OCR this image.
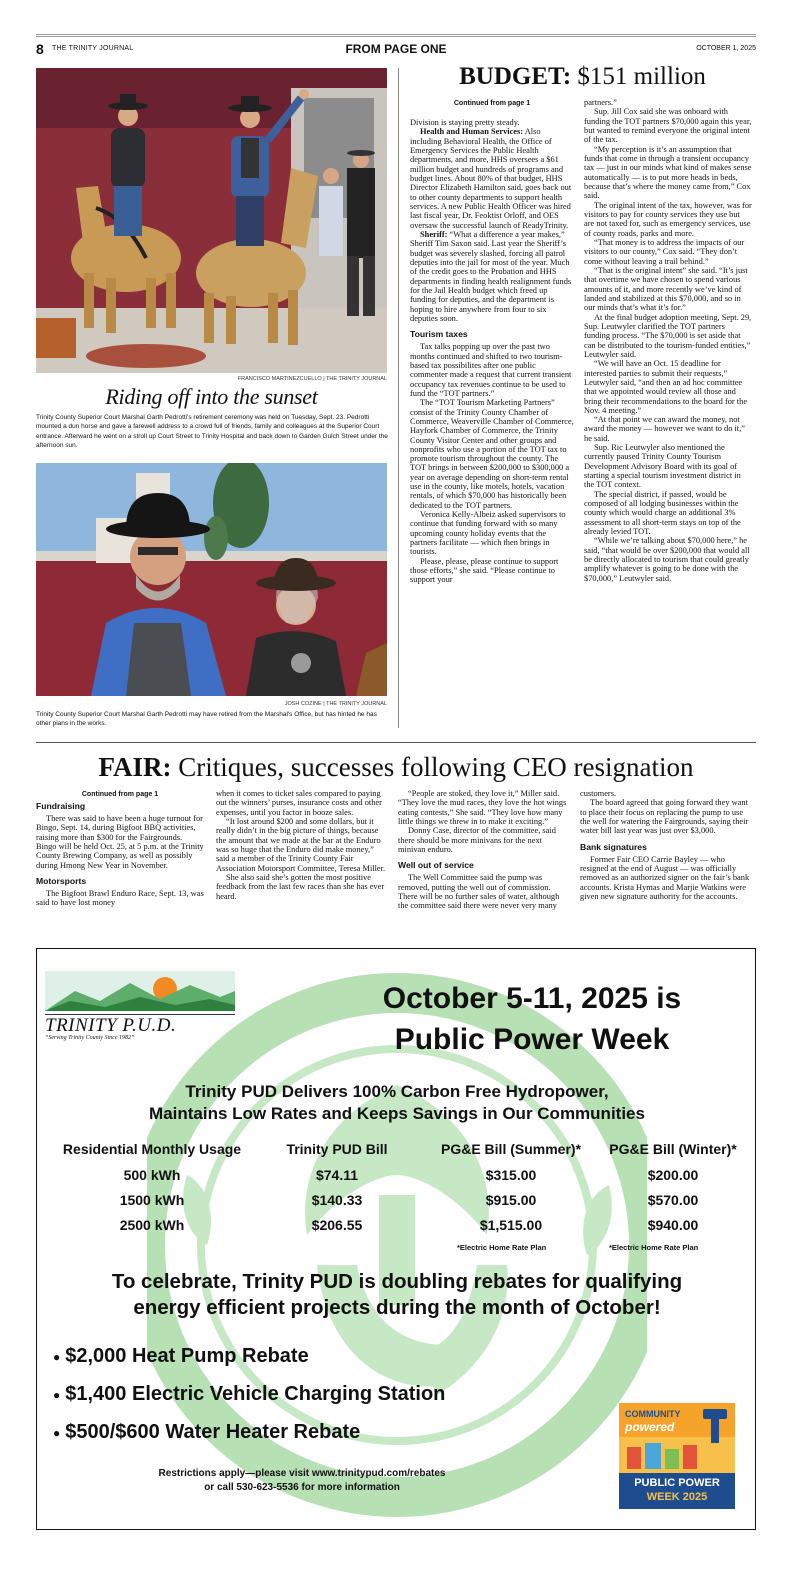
8 THE TRINITY JOURNAL	FROM PAGE ONE	OCTOBER 1, 2025
FRANCISCO MARTINEZCUELLO | THE TRINITY JOURNAL
Riding off into the sunset
Trinity County Superior Court Marshal Garth Pedrotti's retirement ceremony was held on Tuesday, Sept. 23. Pedrotti mounted a dun horse and gave a farewell address to a crowd full of friends, family and colleagues at the Superior Court entrance. Afterward he went on a stroll up Court Street to Trinity Hospital and back down to Garden Gulch Street under the afternoon sun.
JOSH COZINE | THE TRINITY JOURNAL
Trinity County Superior Court Marshal Garth Pedrotti may have retired from the Marshal's Office, but has hinted he has other plans in the works.
BUDGET: $151 million
Continued from page 1

Division is staying pretty steady.

Health and Human Services: Also including Behavioral Health, the Office of Emergency Services the Public Health departments, and more, HHS oversees a $61 million budget and hundreds of programs and budget lines. About 80% of that budget, HHS Director Elizabeth Hamilton said, goes back out to other county departments to support health services. A new Public Health Officer was hired last fiscal year, Dr. Feoktist Orloff, and OES oversaw the successful launch of ReadyTrinity.

Sheriff: “What a difference a year makes,” Sheriff Tim Saxon said. Last year the Sheriff’s budget was severely slashed, forcing all patrol deputies into the jail for most of the year. Much of the credit goes to the Probation and HHS departments in finding health realignment funds for the Jail Health budget which freed up funding for deputies, and the department is hoping to hire anywhere from four to six deputies soon.

Tourism taxes

Tax talks popping up over the past two months continued and shifted to two tourism-based tax possibilites after one public commenter made a request that current transient occupancy tax revenues continue to be used to fund the “TOT partners.”

The “TOT Tourism Marketing Partners” consist of the Trinity County Chamber of Commerce, Weaverville Chamber of Commerce, Hayfork Chamber of Commerce, the Trinity County Visitor Center and other groups and nonprofits who use a portion of the TOT tax to promote tourism throughout the county. The TOT brings in between $200,000 to $300,000 a year on average depending on short-term rental use in the county, like motels, hotels, vacation rentals, of which $70,000 has historically been dedicated to the TOT partners.

Veronica Kelly-Albeiz asked supervisors to continue that funding forward with so many upcoming county holiday events that the partners facilitate — which then brings in tourists.

Please, please, please continue to support those efforts,” she said. “Please continue to support your

partners.”

Sup. Jill Cox said she was onboard with funding the TOT partners $70,000 again this year, but wanted to remind everyone the original intent of the tax.

“My perception is it’s an assumption that funds that come in through a transient occupancy tax — just in our minds what kind of makes sense automatically — is to put more heads in beds, because that’s where the money came from,” Cox said.

The original intent of the tax, however, was for visitors to pay for county services they use but are not taxed for, such as emergency services, use of county roads, parks and more.

“That money is to address the impacts of our visitors to our county,” Cox said. “They don’t come without leaving a trail behind.”

“That is the original intent” she said. “It’s just that overtime we have chosen to spend various amounts of it, and more recently we’ve kind of landed and stabilized at this $70,000, and so in our minds that’s what it’s for.”

At the final budget adoption meeting, Sept. 29, Sup. Leutwyler clarified the TOT partners funding process. “The $70,000 is set aside that can be distributed to the tourism-funded entities,” Leutwyler said.

“We will have an Oct. 15 deadline for interested parties to submit their requests,” Leutwyler said, “and then an ad hoc committee that we appointed would review all those and bring their recommendations to the board for the Nov. 4 meeting.”

“At that point we can award the money, not award the money — however we want to do it,” he said.

Sup. Ric Leutwyler also mentioned the currently paused Trinity County Tourism Development Advisory Board with its goal of starting a special tourism investment district in the TOT context.

The special district, if passed, would be composed of all lodging businesses within the county which would charge an additional 3% assessment to all short-term stays on top of the already levied TOT.

“While we’re talking about $70,000 here,” he said, “that would be over $200,000 that would all be directly allocated to tourism that could greatly amplify whatever is going to be done with the $70,000,” Leutwyler said.

FAIR: Critiques, successes following CEO resignation
Continued from page 1
Fundraising

There was said to have been a huge turnout for Bingo, Sept. 14, during Bigfoot BBQ activities, raising more than $300 for the Fairgrounds. Bingo will be held Oct. 25, at 5 p.m. at the Trinity County Brewing Company, as well as possibly during Hmong New Year in November.

Motorsports

The Bigfoot Brawl Enduro Race, Sept. 13, was said to have lost money

when it comes to ticket sales compared to paying out the winners’ purses, insurance costs and other expenses, until you factor in booze sales.

“It lost around $200 and some dollars, but it really didn’t in the big picture of things, because the amount that we made at the bar at the Enduro was so huge that the Enduro did make money,” said a member of the Trinity County Fair Association Motorsport Committee, Teresa Miller.

She also said she’s gotten the most positive feedback from the last few races than she has ever heard.

“People are stoked, they love it,” Miller said. “They love the mud races, they love the hot wings eating contests,” She said. “They love how many little things we threw in to make it exciting.”

Donny Case, director of the committee, said there should be more minivans for the next minivan enduro.

Well out of service

The Well Committee said the pump was removed, putting the well out of commission. There will be no further sales of water, although the committee said there were never very many

customers.

The board agreed that going forward they want to place their focus on replacing the pump to use the well for watering the Fairgrounds, saying their water bill last year was just over $3,000.

Bank signatures

Former Fair CEO Carrie Bayley — who resigned at the end of August — was officially removed as an authorized signer on the fair’s bank accounts. Krista Hymas and Marjie Watkins were given new signature authority for the accounts.

TRINITY P.U.D.
“Serving Trinity County Since 1982”
October 5-11, 2025 is
Public Power Week
Trinity PUD Delivers 100% Carbon Free Hydropower,
Maintains Low Rates and Keeps Savings in Our Communities
Residential Monthly Usage	Trinity PUD Bill	PG&E Bill (Summer)*	PG&E Bill (Winter)*
500 kWh	$74.11	$315.00	$200.00
1500 kWh	$140.33	$915.00	$570.00
2500 kWh	$206.55	$1,515.00	$940.00
*Electric Home Rate Plan	*Electric Home Rate Plan
To celebrate, Trinity PUD is doubling rebates for qualifying
energy efficient projects during the month of October!
● $2,000 Heat Pump Rebate
● $1,400 Electric Vehicle Charging Station
● $500/$600 Water Heater Rebate
Restrictions apply—please visit www.trinitypud.com/rebates
or call 530-623-5536 for more information
COMMUNITY
powered
PUBLIC POWER
WEEK 2025
